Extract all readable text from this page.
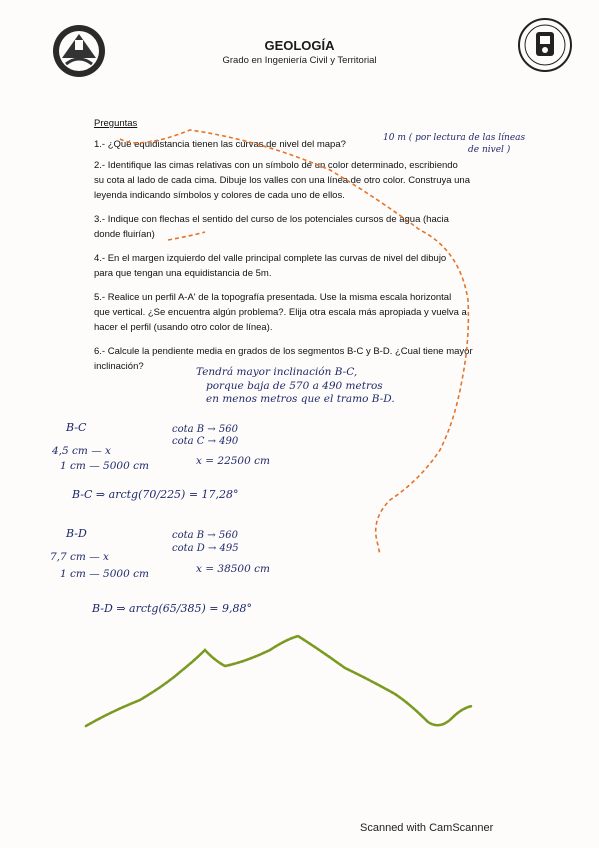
GEOLOGÍA
Grado en Ingeniería Civil y Territorial
Preguntas
1.- ¿Qué equidistancia tienen las curvas de nivel del mapa?
10 m ( por lectura de las líneas
de nivel )
2.- Identifique las cimas relativas con un símbolo de un color determinado, escribiendo
su cota al lado de cada cima. Dibuje los valles con una línea de otro color. Construya una
leyenda indicando símbolos y colores de cada uno de ellos.
3.- Indique con flechas el sentido del curso de los potenciales cursos de agua (hacia
donde fluirían)
4.- En el margen izquierdo del valle principal complete las curvas de nivel del dibujo
para que tengan una equidistancia de 5m.
5.- Realice un perfil A-A' de la topografía presentada. Use la misma escala horizontal
que vertical. ¿Se encuentra algún problema?. Elija otra escala más apropiada y vuelva a
hacer el perfil (usando otro color de línea).
6.- Calcule la pendiente media en grados de los segmentos B-C y B-D. ¿Cual tiene mayor
inclinación?	Tendrá mayor inclinación B-C,
porque baja de 570 a 490 metros
en menos metros que el tramo B-D.
B-C	cota B → 560
cota C → 490
4,5 cm — x
1 cm — 5000 cm	x = 22500 cm
B-C ⇒ arctg(70/225) = 17,28°
B-D	cota B → 560
cota D → 495
7,7 cm — x
1 cm — 5000 cm	x = 38500 cm
B-D ⇒ arctg(65/385) = 9,88°
Scanned with CamScanner
